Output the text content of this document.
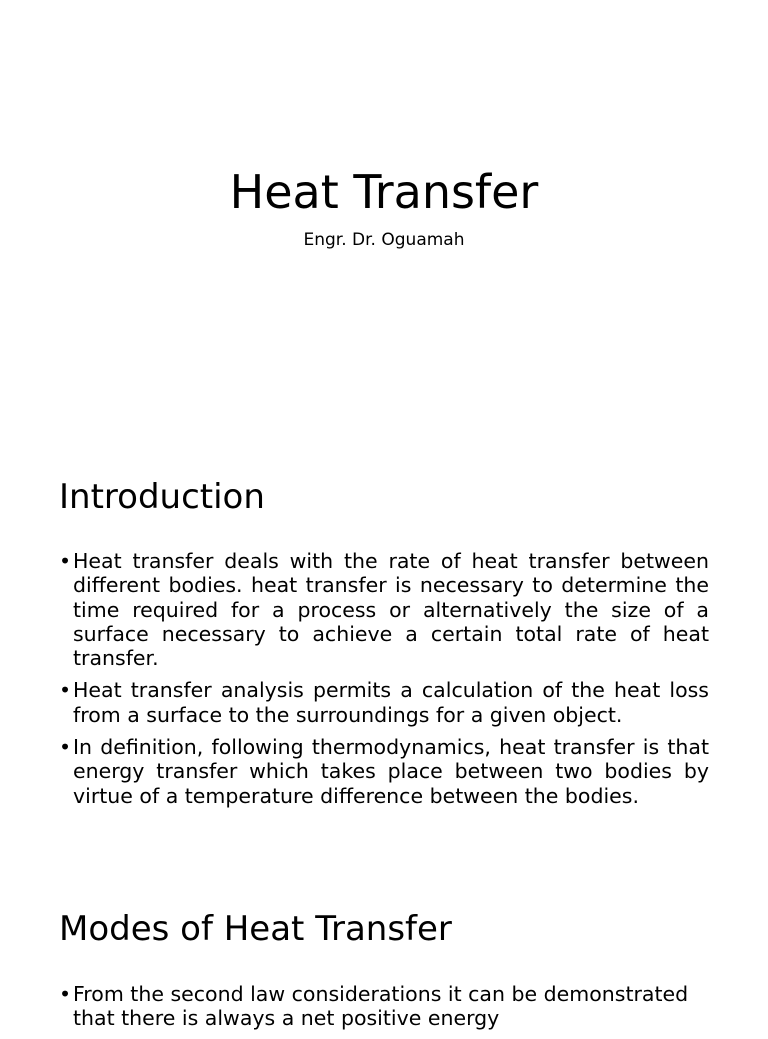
Heat Transfer

Engr. Dr. Oguamah

Introduction
• Heat transfer deals with the rate of heat transfer between different bodies. heat transfer is necessary to determine the time required for a process or alternatively the size of a surface necessary to achieve a certain total rate of heat transfer.
• Heat transfer analysis permits a calculation of the heat loss from a surface to the surroundings for a given object.
• In definition, following thermodynamics, heat transfer is that energy transfer which takes place between two bodies by virtue of a temperature difference between the bodies.
Modes of Heat Transfer
• From the second law considerations it can be demonstrated that there is always a net positive energy
